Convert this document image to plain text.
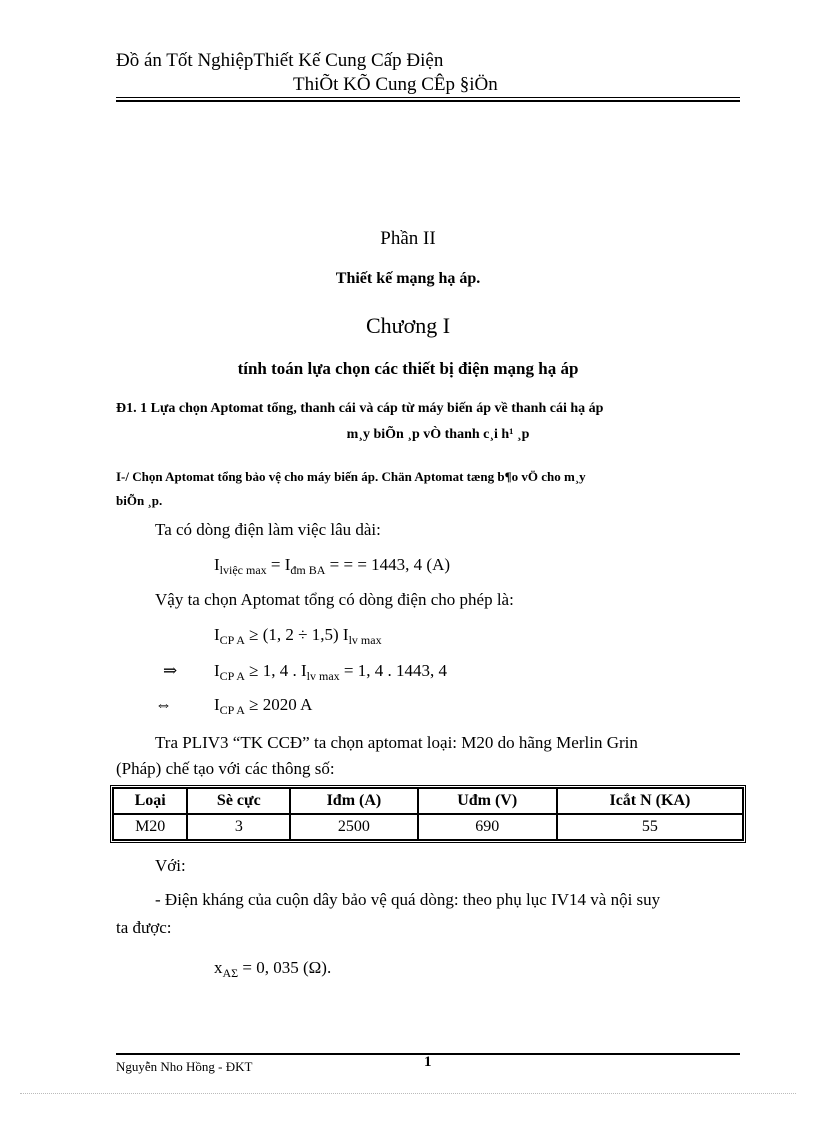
Đồ án Tốt NghiệpThiết Kế Cung Cấp Điện
ThiÕt KÕ Cung CÊp §iÖn
Phần II
Thiết kế mạng hạ áp.
Chương I
tính toán lựa chọn các thiết bị điện mạng hạ áp
Đ1. 1 Lựa chọn Aptomat tổng, thanh cái và cáp từ máy biến áp về thanh cái hạ áp
m¸y biÕn ¸p vÒ thanh c¸i h¹ ¸p
I-/ Chọn Aptomat tổng bảo vệ cho máy biến áp. Chän Aptomat tæng b¶o vÖ cho m¸y
biÕn ¸p.
Ta có dòng điện làm việc lâu dài:
$I_{lviệc max} = I_{đm BA}$ = = = 1443, 4 (A)
Vậy ta chọn Aptomat tổng có dòng điện cho phép là:
$I_{CP A} \ge (1$, 2 ÷ 1,5) $I_{lv max}$
⇒ $I_{CP A} \ge 1$, 4 . $I_{lv max} = 1$, 4 . 1443, 4
⇔ $I_{CP A} \ge 2020$ A
Tra PLIV3 “TK CCĐ” ta chọn aptomat loại: M20 do hãng Merlin Grin
(Pháp) chế tạo với các thông số:
Loại	Sè cực	Iđm (A)	Uđm (V)	Icắt N (KA)
M20	3	2500	690	55
Với:
- Điện kháng của cuộn dây bảo vệ quá dòng: theo phụ lục IV14 và nội suy
ta được:
$x_{A\Sigma} = 0$, 035 (Ω).
Nguyễn Nho Hồng - ĐKT	1
